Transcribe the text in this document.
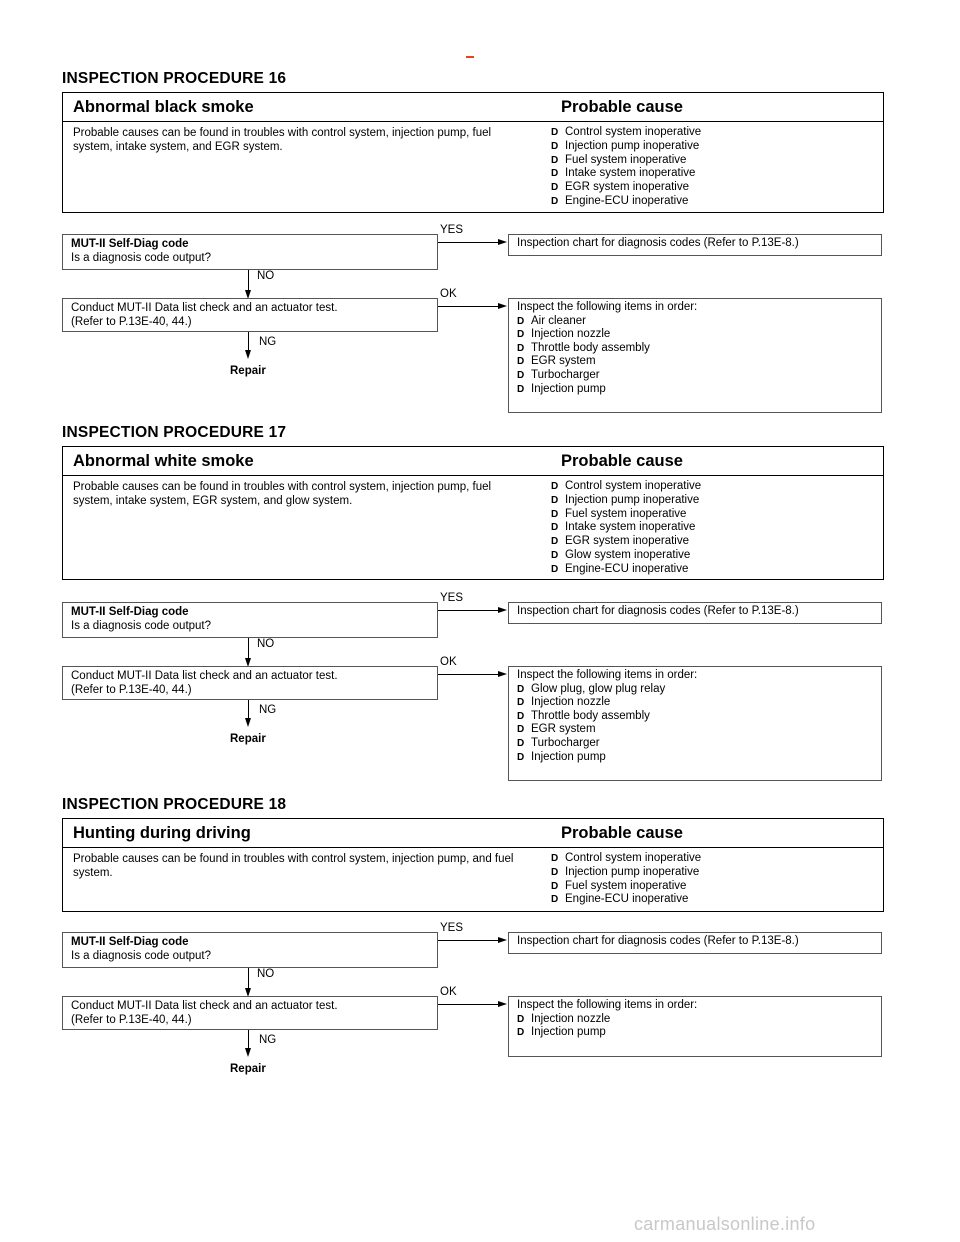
INSPECTION PROCEDURE 16
Abnormal black smoke	Probable cause
Probable causes can be found in troubles with control system, injection pump, fuel system, intake system, and EGR system.
D Control system inoperative
D Injection pump inoperative
D Fuel system inoperative
D Intake system inoperative
D EGR system inoperative
D Engine-ECU inoperative
MUT-II Self-Diag code
Is a diagnosis code output?
YES
Inspection chart for diagnosis codes (Refer to P.13E-8.)
NO
Conduct MUT-II Data list check and an actuator test.
(Refer to P.13E-40, 44.)
OK
Inspect the following items in order:
D Air cleaner
D Injection nozzle
D Throttle body assembly
D EGR system
D Turbocharger
D Injection pump
NG
Repair
INSPECTION PROCEDURE 17
Abnormal white smoke	Probable cause
Probable causes can be found in troubles with control system, injection pump, fuel system, intake system, EGR system, and glow system.
D Control system inoperative
D Injection pump inoperative
D Fuel system inoperative
D Intake system inoperative
D EGR system inoperative
D Glow system inoperative
D Engine-ECU inoperative
MUT-II Self-Diag code
Is a diagnosis code output?
YES
Inspection chart for diagnosis codes (Refer to P.13E-8.)
NO
Conduct MUT-II Data list check and an actuator test.
(Refer to P.13E-40, 44.)
OK
Inspect the following items in order:
D Glow plug, glow plug relay
D Injection nozzle
D Throttle body assembly
D EGR system
D Turbocharger
D Injection pump
NG
Repair
INSPECTION PROCEDURE 18
Hunting during driving	Probable cause
Probable causes can be found in troubles with control system, injection pump, and fuel system.
D Control system inoperative
D Injection pump inoperative
D Fuel system inoperative
D Engine-ECU inoperative
MUT-II Self-Diag code
Is a diagnosis code output?
YES
Inspection chart for diagnosis codes (Refer to P.13E-8.)
NO
Conduct MUT-II Data list check and an actuator test.
(Refer to P.13E-40, 44.)
OK
Inspect the following items in order:
D Injection nozzle
D Injection pump
NG
Repair
carmanualsonline.info
